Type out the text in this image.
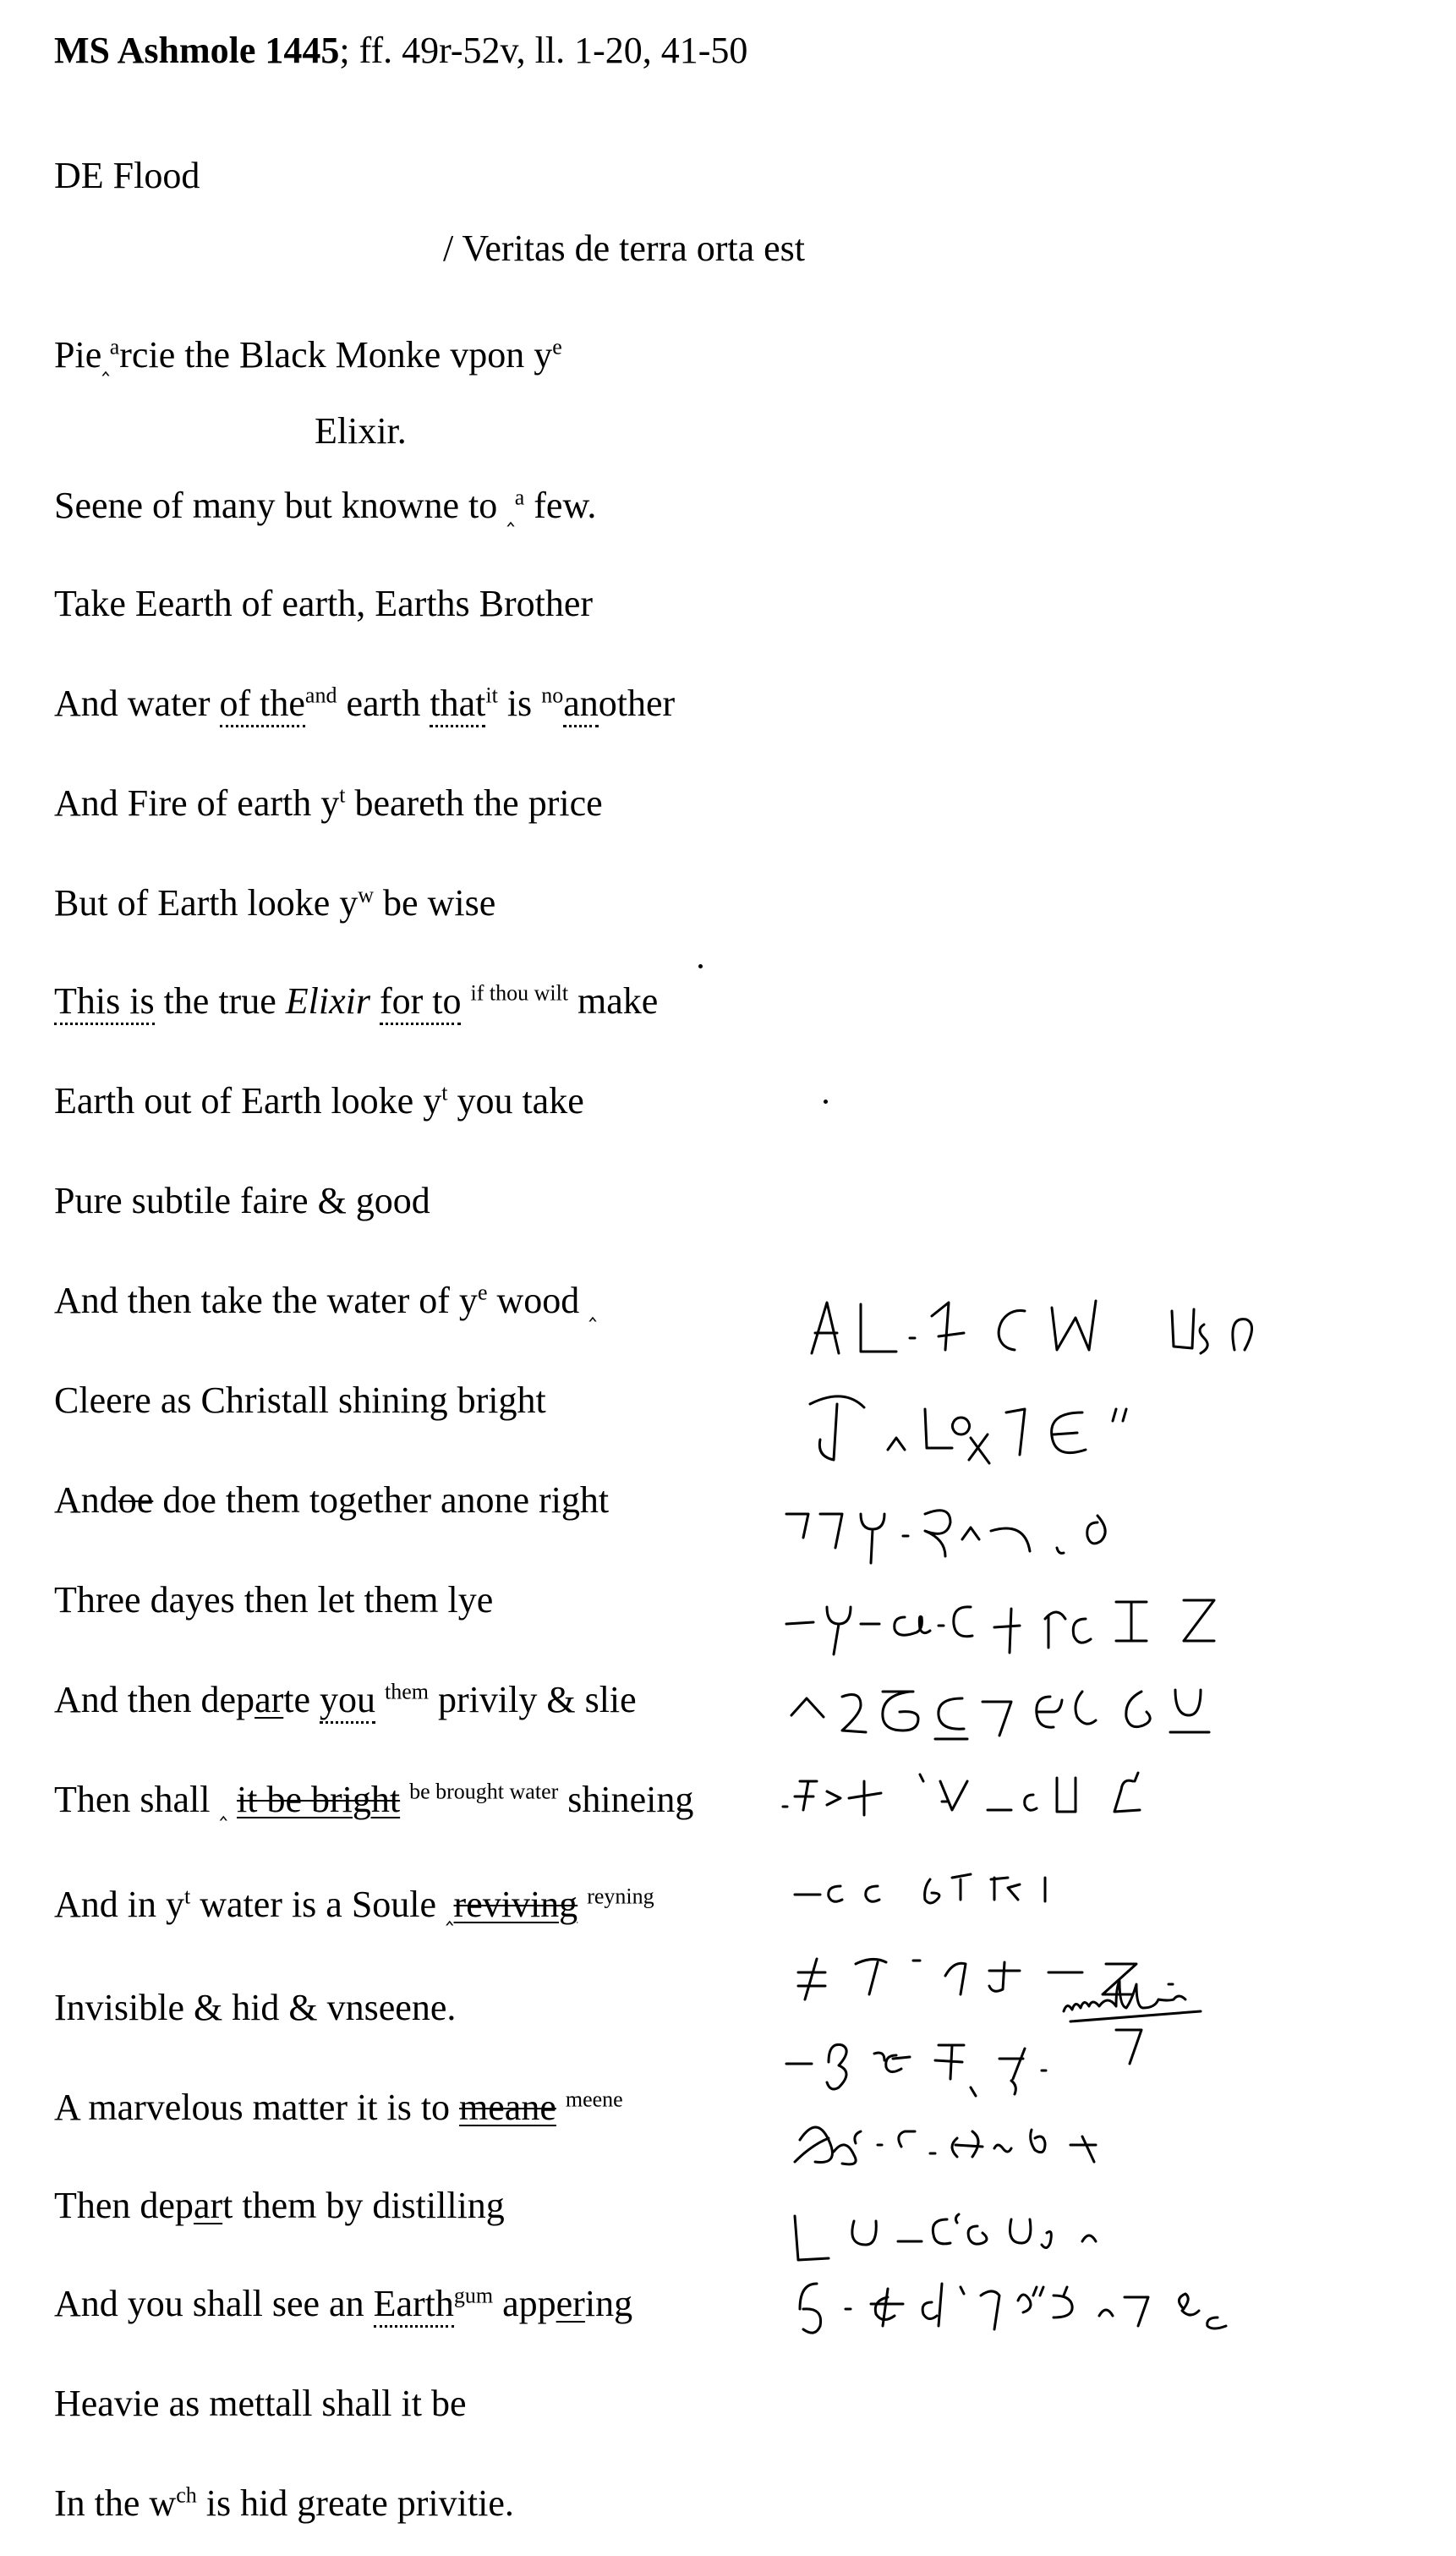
MS Ashmole 1445; ff. 49r-52v, ll. 1-20, 41-50
DE Flood
/ Veritas de terra orta est
Pie‸$^a$rcie the Black Monke vpon $y^e$
Elixir.
Seene of many but knowne to ‸$^a$ few.
Take Eearth of earth, Earths Brother
And water of the$^{and}$ earth that$^{it}$ is $^{no}$another
And Fire of earth $y^t$ beareth the price
But of Earth looke $y^w$ be wise
This is the true Elixir for to $^{if thou wilt}$ make
Earth out of Earth looke $y^t$ you take
Pure subtile faire & good
And then take the water of $y^e$ wood ‸
Cleere as Christall shining bright
Andoe doe them together anone right
Three dayes then let them lye
And then departe you $^{them}$ privily & slie
Then shall ‸ it be bright $^{be brought water}$ shineing
And in $y^t$ water is a Soule ‸reviving $^{reyning}$
Invisible & hid & vnseene.
A marvelous matter it is to meane $^{meene}$
Then depart them by distilling
And you shall see an Earth$^{gum}$ appering
Heavie as mettall shall it be
In the $w^{ch}$ is hid greate privitie.
